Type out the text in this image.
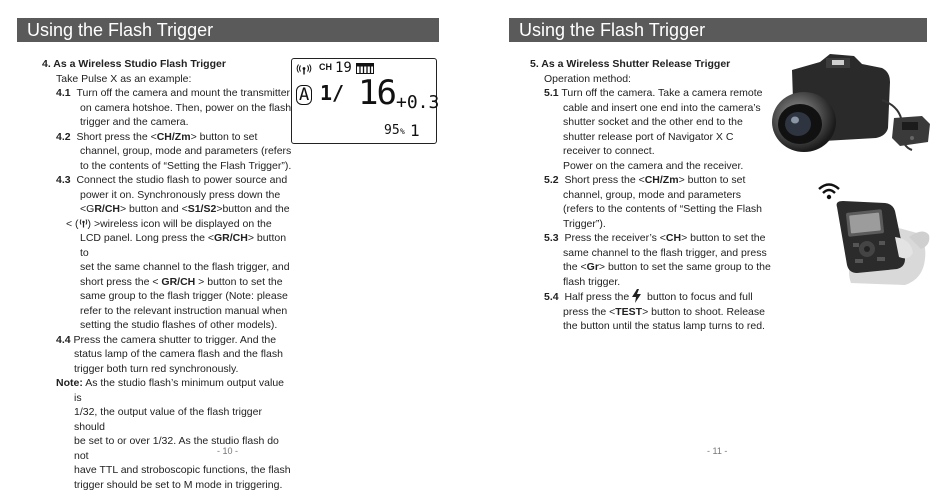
Using the Flash Trigger

4. As a Wireless Studio Flash Trigger

Take Pulse X as an example:

4.1 Turn off the camera and mount the transmitter

on camera hotshoe. Then, power on the flash

trigger and the camera.

4.2 Short press the <CH/Zm> button to set

channel, group, mode and parameters (refers

to the contents of “Setting the Flash Trigger”).

4.3 Connect the studio flash to power source and

power it on. Synchronously press down the

<GR/CH> button and <S1/S2>button and the

< ( ) >wireless icon will be displayed on the

LCD panel. Long press the <GR/CH> button to

set the same channel to the flash trigger, and

short press the < GR/CH > button to set the

same group to the flash trigger (Note: please

refer to the relevant instruction manual when

setting the studio flashes of other models).

4.4 Press the camera shutter to trigger. And the

status lamp of the camera flash and the flash

trigger both turn red synchronously.

Note: As the studio flash’s minimum output value is

1/32, the output value of the flash trigger should

be set to or over 1/32. As the studio flash do not

have TTL and stroboscopic functions, the flash

trigger should be set to M mode in triggering.

CH 19
A 1/ 16 +0.3
95 % 1
- 10 -
Using the Flash Trigger

5. As a Wireless Shutter Release Trigger

Operation method:

5.1 Turn off the camera. Take a camera remote

cable and insert one end into the camera’s

shutter socket and the other end to the

shutter release port of Navigator X C

receiver to connect.

Power on the camera and the receiver.

5.2 Short press the <CH/Zm> button to set

channel, group, mode and parameters

(refers to the contents of “Setting the Flash

Trigger”).

5.3 Press the receiver’s <CH> button to set the

same channel to the flash trigger, and press

the <Gr> button to set the same group to the

flash trigger.

5.4 Half press the button to focus and full

press the <TEST> button to shoot. Release

the button until the status lamp turns to red.

- 11 -
